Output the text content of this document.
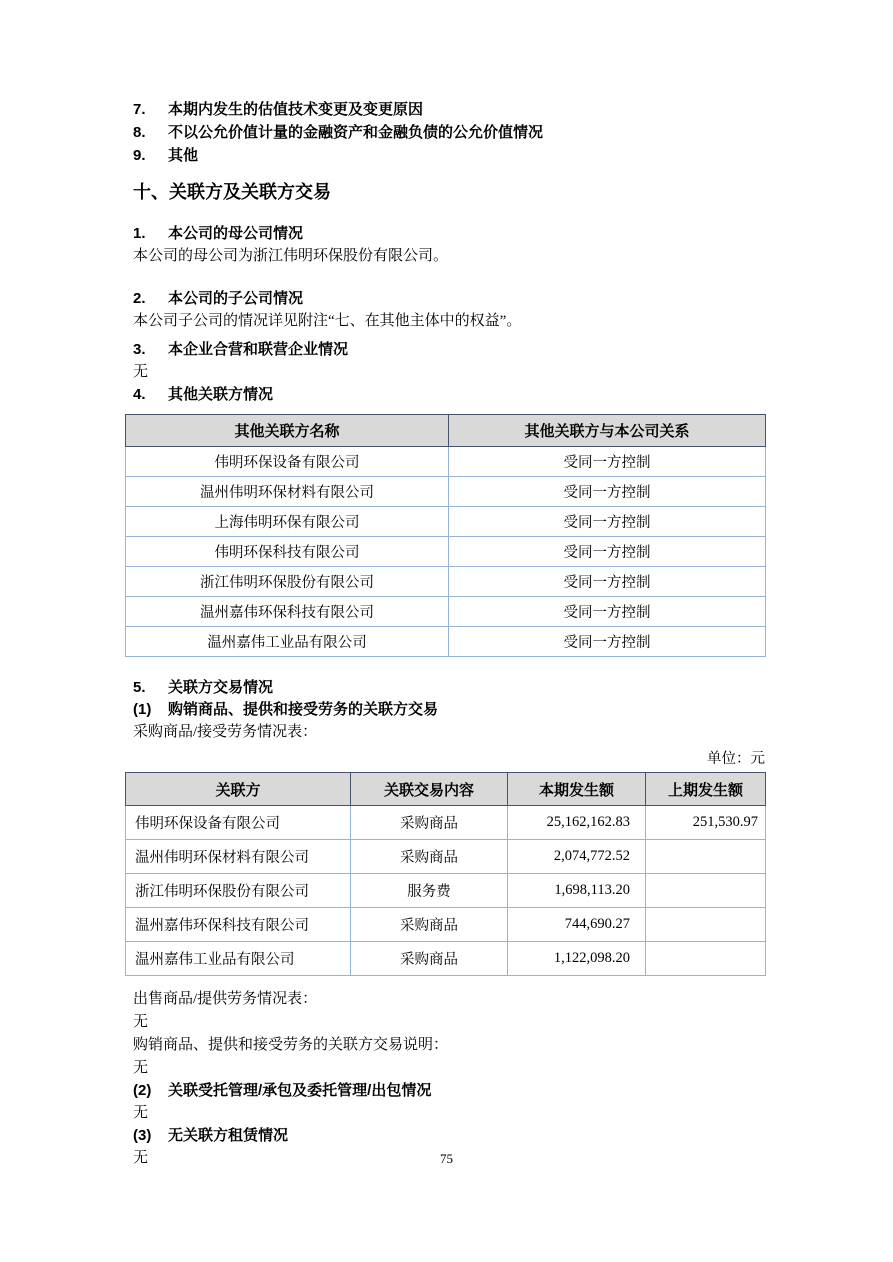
7. 本期内发生的估值技术变更及变更原因
8. 不以公允价值计量的金融资产和金融负债的公允价值情况
9. 其他
十、关联方及关联方交易
1. 本公司的母公司情况
本公司的母公司为浙江伟明环保股份有限公司。
2. 本公司的子公司情况
本公司子公司的情况详见附注“七、在其他主体中的权益”。
3. 本企业合营和联营企业情况
无
4. 其他关联方情况
其他关联方名称	其他关联方与本公司关系
伟明环保设备有限公司	受同一方控制
温州伟明环保材料有限公司	受同一方控制
上海伟明环保有限公司	受同一方控制
伟明环保科技有限公司	受同一方控制
浙江伟明环保股份有限公司	受同一方控制
温州嘉伟环保科技有限公司	受同一方控制
温州嘉伟工业品有限公司	受同一方控制
5. 关联方交易情况
(1) 购销商品、提供和接受劳务的关联方交易
采购商品/接受劳务情况表：
单位：元
关联方	关联交易内容	本期发生额	上期发生额
伟明环保设备有限公司	采购商品	25,162,162.83	251,530.97
温州伟明环保材料有限公司	采购商品	2,074,772.52	
浙江伟明环保股份有限公司	服务费	1,698,113.20	
温州嘉伟环保科技有限公司	采购商品	744,690.27	
温州嘉伟工业品有限公司	采购商品	1,122,098.20	
出售商品/提供劳务情况表：
无
购销商品、提供和接受劳务的关联方交易说明：
无
(2) 关联受托管理/承包及委托管理/出包情况
无
(3) 无关联方租赁情况
无	75
